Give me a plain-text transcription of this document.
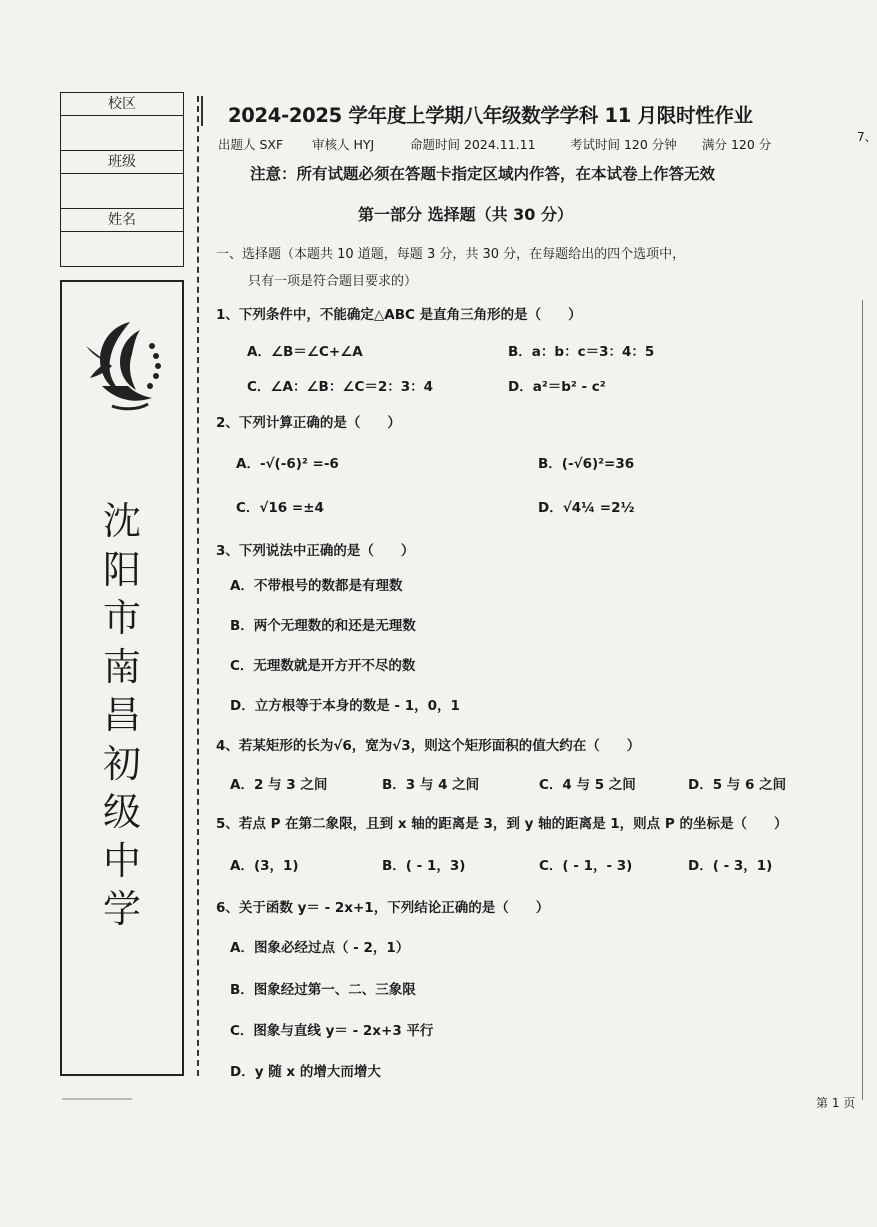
校区
班级
姓名
沈
阳
市
南
昌
初
级
中
学
2024-2025 学年度上学期八年级数学学科 11 月限时性作业
出题人 SXF 审核人 HYJ	命题时间 2024.11.11	考试时间 120 分钟 满分 120 分
注意：所有试题必须在答题卡指定区域内作答，在本试卷上作答无效
7、
第一部分 选择题（共 30 分）
一、选择题（本题共 10 道题，每题 3 分，共 30 分，在每题给出的四个选项中，
只有一项是符合题目要求的）
1、下列条件中，不能确定△ABC 是直角三角形的是（　　）
A．∠B＝∠C+∠A	B．a：b：c＝3：4：5
C．∠A：∠B：∠C＝2：3：4	D．a²＝b² - c²
2、下列计算正确的是（　　）
A．-√(-6)² =-6	B．(-√6)²=36
C．√16 =±4	D．√4¼ =2½
3、下列说法中正确的是（　　）
A．不带根号的数都是有理数
B．两个无理数的和还是无理数
C．无理数就是开方开不尽的数
D．立方根等于本身的数是 - 1，0，1
4、若某矩形的长为√6，宽为√3，则这个矩形面积的值大约在（　　）
A．2 与 3 之间	B．3 与 4 之间	C．4 与 5 之间	D．5 与 6 之间
5、若点 P 在第二象限，且到 x 轴的距离是 3，到 y 轴的距离是 1，则点 P 的坐标是（　　）
A．(3，1)	B．( - 1，3)	C．( - 1，- 3)	D．( - 3，1)
6、关于函数 y＝ - 2x+1，下列结论正确的是（　　）
A．图象必经过点（ - 2，1）
B．图象经过第一、二、三象限
C．图象与直线 y＝ - 2x+3 平行
D．y 随 x 的增大而增大
第 1 页
